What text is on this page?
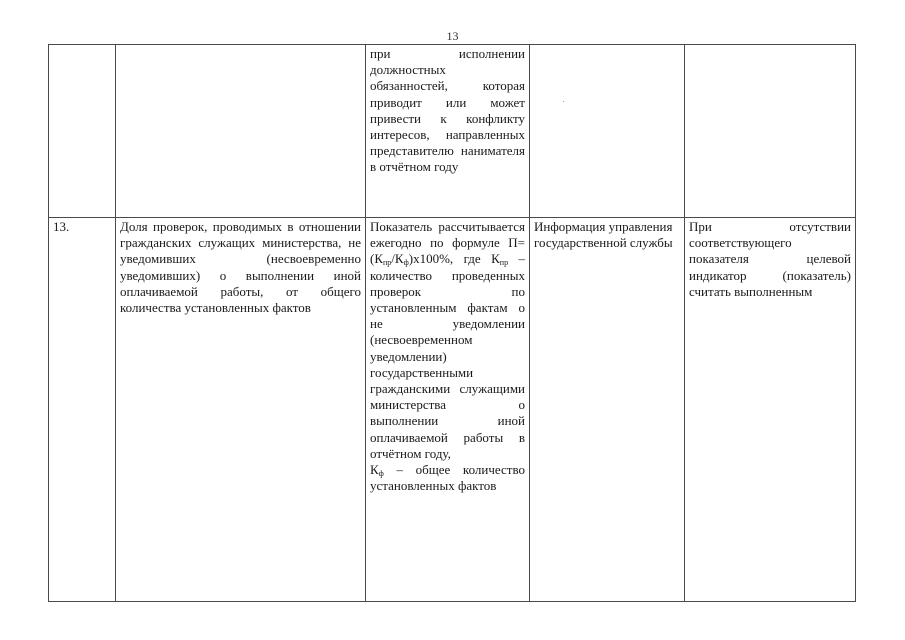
13
		при исполнении должностных обязанностей, которая приводит или может привести к конфликту интересов, направленных представителю нанимателя в отчётном году		
13.	Доля проверок, проводимых в отношении гражданских служащих министерства, не уведомивших (несвоевременно уведомивших) о выполнении иной оплачиваемой работы, от общего количества установленных фактов	Показатель рассчитывается ежегодно по формуле $П=(К_{пр}/К_ф)х100\%$, где $К_{пр}$ – количество проведенных проверок по установленным фактам о не уведомлении (несвоевременном уведомлении) государственными гражданскими служащими министерства о выполнении иной оплачиваемой работы в отчётном году,
$К_ф$ – общее количество установленных фактов	Информация управления государственной службы	При отсутствии соответствующего показателя целевой индикатор (показатель) считать выполненным
